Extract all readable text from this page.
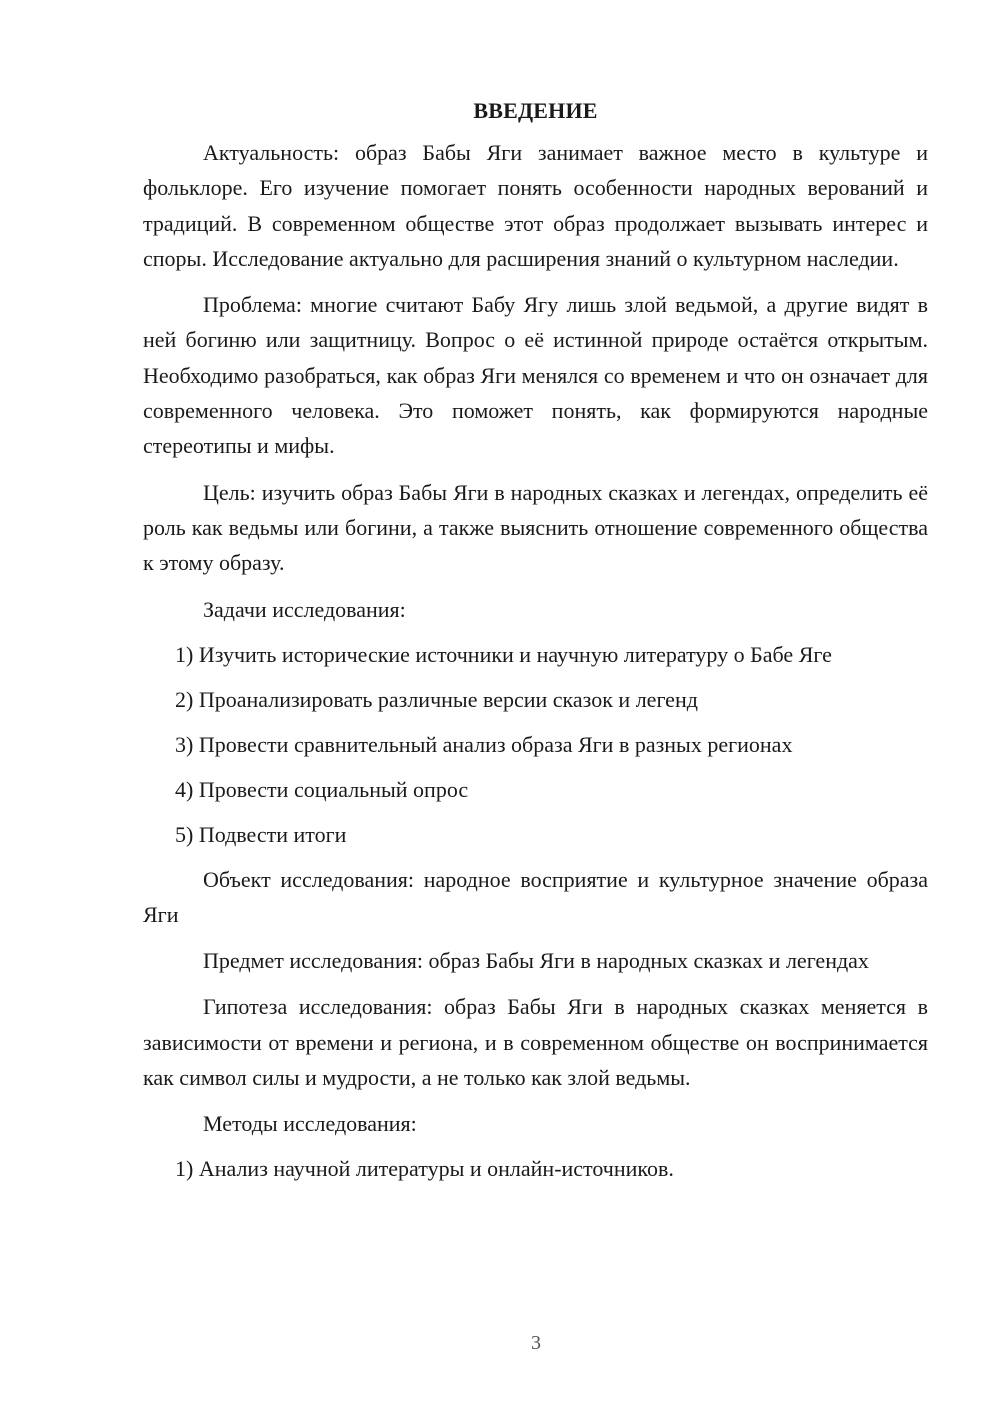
ВВЕДЕНИЕ

Актуальность: образ Бабы Яги занимает важное место в культуре и фольклоре. Его изучение помогает понять особенности народных верований и традиций. В современном обществе этот образ продолжает вызывать интерес и споры. Исследование актуально для расширения знаний о культурном наследии.

Проблема: многие считают Бабу Ягу лишь злой ведьмой, а другие видят в ней богиню или защитницу. Вопрос о её истинной природе остаётся открытым. Необходимо разобраться, как образ Яги менялся со временем и что он означает для современного человека. Это поможет понять, как формируются народные стереотипы и мифы.

Цель: изучить образ Бабы Яги в народных сказках и легендах, определить её роль как ведьмы или богини, а также выяснить отношение современного общества к этому образу.

Задачи исследования:

1) Изучить исторические источники и научную литературу о Бабе Яге
2) Проанализировать различные версии сказок и легенд
3) Провести сравнительный анализ образа Яги в разных регионах
4) Провести социальный опрос
5) Подвести итоги

Объект исследования: народное восприятие и культурное значение образа Яги

Предмет исследования: образ Бабы Яги в народных сказках и легендах

Гипотеза исследования: образ Бабы Яги в народных сказках меняется в зависимости от времени и региона, и в современном обществе он воспринимается как символ силы и мудрости, а не только как злой ведьмы.

Методы исследования:

1) Анализ научной литературы и онлайн-источников.
3
